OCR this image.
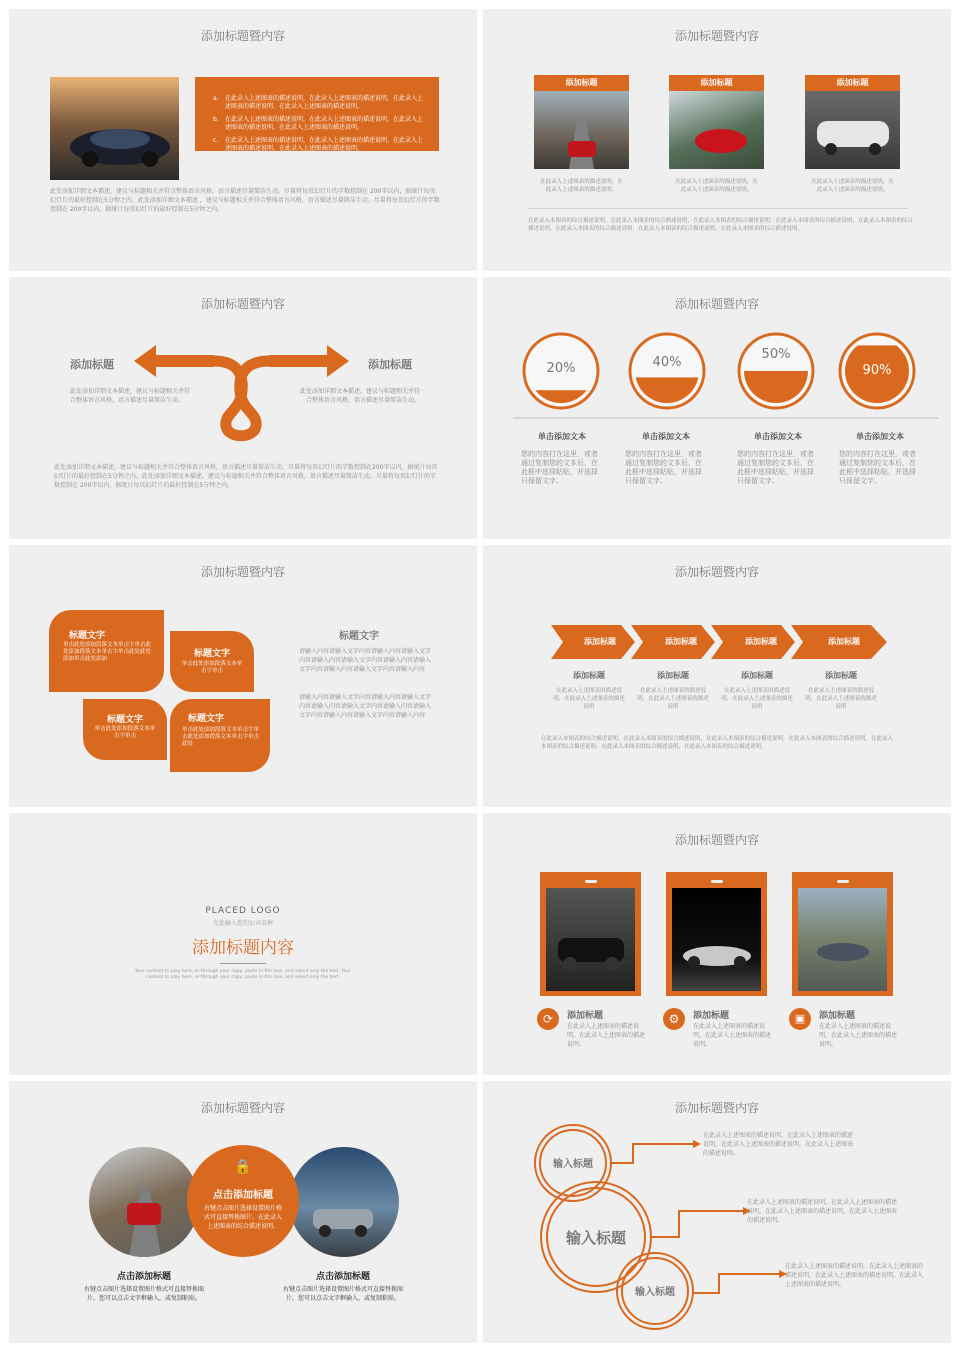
添加标题暨内容
a.	在此录入上述图表的描述说明，在此录入上述图表的描述说明，在此录入上述图表的描述说明，在此录入上述图表的描述说明。
b.	在此录入上述图表的描述说明，在此录入上述图表的描述说明，在此录入上述图表的描述说明，在此录入上述图表的描述说明。
c.	在此录入上述图表的描述说明，在此录入上述图表的描述说明，在此录入上述图表的描述说明，在此录入上述图表的描述说明。
此处添加详细文本描述，建议与标题相关并符合整体语言风格，语言描述尽量简洁生动。尽量将每页幻灯片的字数控制在 200字以内，据统计每页幻灯片的最好控制在5分钟之内。此处添加详细文本描述 ，建议与标题相关并符合整体语言风格，语言描述尽量简洁生动。尽量将每页幻灯片的字数控制在 200字以内，据统计每页幻灯片的最好控制在5分钟之内。
添加标题暨内容
添加标题
在此录入上述图表的描述说明，在此录入上述图表的描述说明。
添加标题
在此录入上述图表的描述说明，在此录入上述图表的描述说明。
添加标题
在此录入上述图表的描述说明，在此录入上述图表的描述说明。
在此录入本图表的综合描述说明，在此录入本图表的综合描述说明，在此录入本图表的综合描述说明，在此录入本图表的综合描述说明，在此录入本图表的综合描述说明，在此录入本图表的综合描述说明，在此录入本图表的综合描述说明，在此录入本图表的综合描述说明。
添加标题暨内容
添加标题
此处添加详细文本描述，建议与标题相关并符合整体语言风格，语言描述尽量简洁生动。
添加标题
此处添加详细文本描述，建议与标题相关并符合整体语言风格，语言描述尽量简洁生动。
此处添加详细文本描述，建议与标题相关并符合整体语言风格，语言描述尽量简洁生动。尽量将每页幻灯片的字数控制在200字以内，据统计每页幻灯片的最好控制在5分钟之内。此处添加详细文本描述，建议与标题相关并符合整体语言风格，语言描述尽量简洁生动。尽量将每页幻灯片的字数控制在 200字以内，据统计每页幻灯片的最好控制在5分钟之内。
添加标题暨内容
20%	40%
50%
90%
单击添加文本
您的内容打在这里，或者通过复制您的文本后，在此框中选择粘贴，并选择只保留文字。
单击添加文本
您的内容打在这里，或者通过复制您的文本后，在此框中选择粘贴，并选择只保留文字。
单击添加文本
您的内容打在这里，或者通过复制您的文本后，在此框中选择粘贴，并选择只保留文字。
单击添加文本
您的内容打在这里，或者通过复制您的文本后，在此框中选择粘贴，并选择只保留文字。
添加标题暨内容
标题文字
单击此处添加段落文本单击字单击此处添加段落文本单击字单击此处此处添加单击此处添加	标题文字
单击此处添加段落文本单击字单击
标题文字
单击此处添加段落文本单击字单击
标题文字
单击此处添加段落文本单击字单击此处添加段落文本单击字单击此处
标题文字
请输入内容请输入文字内容请输入内容请输入文字内容请输入内容请输入文字内容请输入内容请输入文字内容请输入内容请输入文字内容请输入内容
请输入内容请输入文字内容请输入内容请输入文字内容请输入内容请输入文字内容请输入内容请输入文字内容请输入内容请输入文字内容请输入内容
添加标题暨内容
添加标题	添加标题	添加标题	添加标题
添加标题
在此录入上述图表的描述说明，在此录入上述图表的描述说明
添加标题
在此录入上述图表的描述说明，在此录入上述图表的描述说明
添加标题
在此录入上述图表的描述说明，在此录入上述图表的描述说明
添加标题
在此录入上述图表的描述说明，在此录入上述图表的描述说明
在此录入本图表的综合描述说明，在此录入本图表的综合描述说明，在此录入本图表的综合描述说明，在此录入本图表的综合描述说明，在此录入本图表的综合描述说明，在此录入本图表的综合描述说明，在此录入本图表的综合描述说明。
PLACED LOGO
在此输入您的公司名称
添加标题内容
Your content to play here, or through your copy, paste in this box, and select only the text. Your content to play here, or through your copy, paste in this box, and select only the text.
添加标题暨内容
⟳	添加标题
在此录入上述图表的描述说明，在此录入上述图表的描述说明。
⚙	添加标题
在此录入上述图表的描述说明，在此录入上述图表的描述说明。
▣	添加标题
在此录入上述图表的描述说明，在此录入上述图表的描述说明。
添加标题暨内容
🔒
点击添加标题
右键点击图片选择设置图片格式可直接替换图片，在此录入上述图表的综合描述说明。
点击添加标题
右键点击图片选择设置图片格式可直接替换图片。您可以点击文字框输入，或复制粘贴。
点击添加标题
右键点击图片选择设置图片格式可直接替换图片。您可以点击文字框输入，或复制粘贴。
添加标题暨内容
输入标题
输入标题
输入标题
在此录入上述图表的描述说明，在此录入上述图表的描述说明，在此录入上述图表的描述说明，在此录入上述图表的描述说明。
在此录入上述图表的描述说明，在此录入上述图表的描述说明，在此录入上述图表的描述说明，在此录入上述图表的描述说明。
在此录入上述图表的描述说明，在此录入上述图表的描述说明，在此录入上述图表的描述说明，在此录入上述图表的描述说明。
